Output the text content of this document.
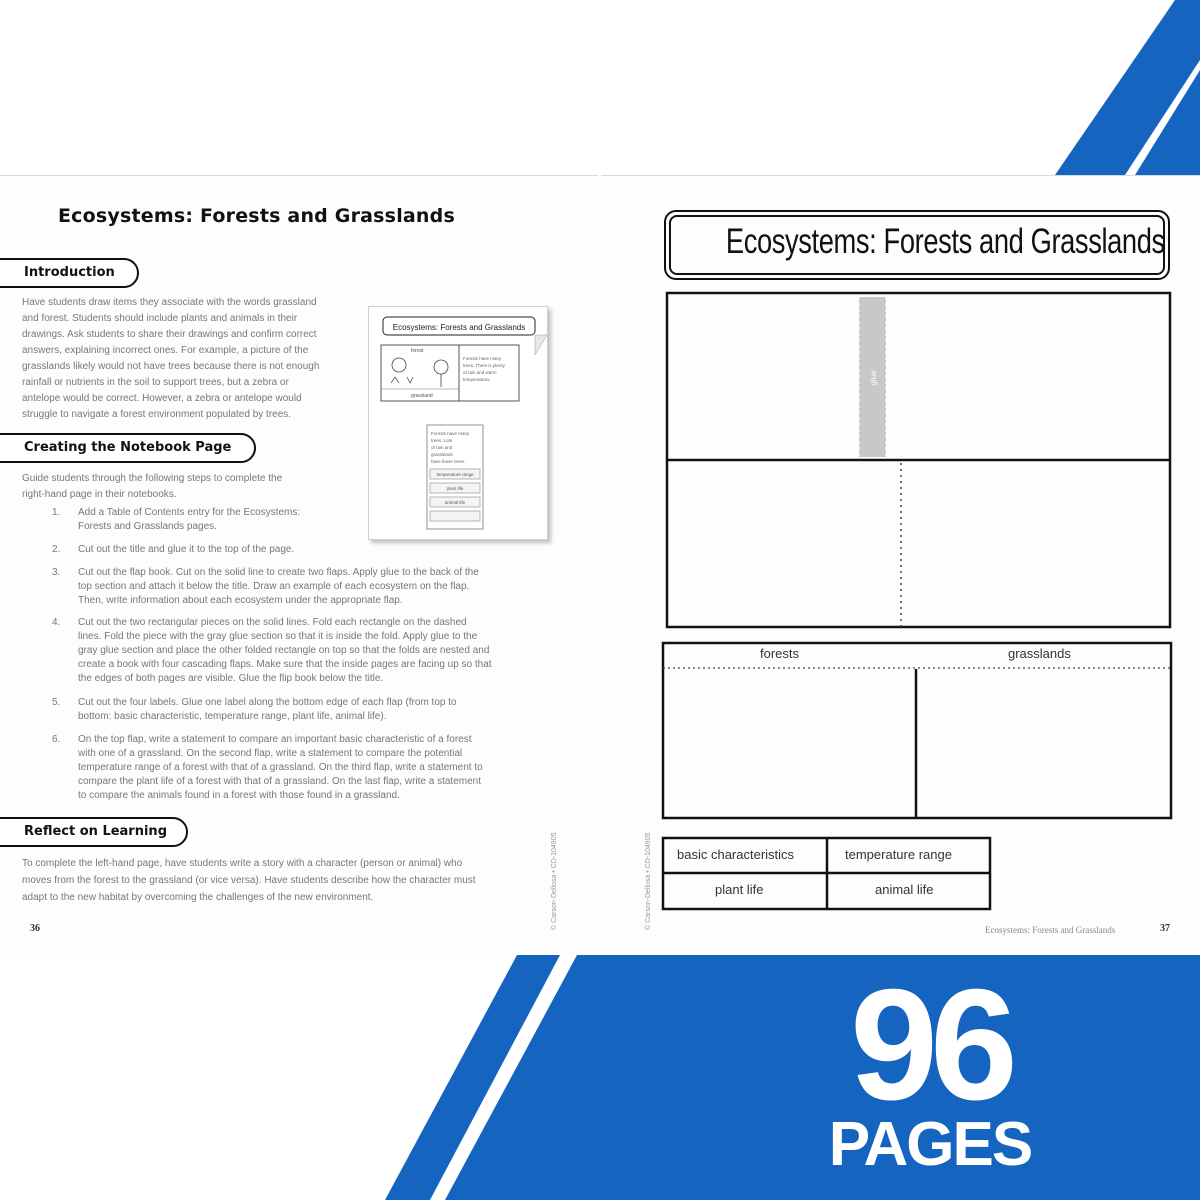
Ecosystems: Forests and Grasslands
Introduction
Have students draw items they associate with the words grassland
and forest. Students should include plants and animals in their
drawings. Ask students to share their drawings and confirm correct
answers, explaining incorrect ones. For example, a picture of the
grasslands likely would not have trees because there is not enough
rainfall or nutrients in the soil to support trees, but a zebra or
antelope would be correct. However, a zebra or antelope would
struggle to navigate a forest environment populated by trees.
Ecosystems: Forests and Grasslands
forest
grassland
Forests have many
trees. There is plenty
of rain and warm
temperatures.
Forests have many
trees. Lots
of rain and
grasslands
have fewer trees.
temperature range
plant life
animal life
Creating the Notebook Page
Guide students through the following steps to complete the
right-hand page in their notebooks.
1. Add a Table of Contents entry for the Ecosystems:
Forests and Grasslands pages.
2. Cut out the title and glue it to the top of the page.
3. Cut out the flap book. Cut on the solid line to create two flaps. Apply glue to the back of the
top section and attach it below the title. Draw an example of each ecosystem on the flap.
Then, write information about each ecosystem under the appropriate flap.
4. Cut out the two rectangular pieces on the solid lines. Fold each rectangle on the dashed
lines. Fold the piece with the gray glue section so that it is inside the fold. Apply glue to the
gray glue section and place the other folded rectangle on top so that the folds are nested and
create a book with four cascading flaps. Make sure that the inside pages are facing up so that
the edges of both pages are visible. Glue the flip book below the title.
5. Cut out the four labels. Glue one label along the bottom edge of each flap (from top to
bottom: basic characteristic, temperature range, plant life, animal life).
6. On the top flap, write a statement to compare an important basic characteristic of a forest
with one of a grassland. On the second flap, write a statement to compare the potential
temperature range of a forest with that of a grassland. On the third flap, write a statement to
compare the plant life of a forest with that of a grassland. On the last flap, write a statement
to compare the animals found in a forest with those found in a grassland.
Reflect on Learning
To complete the left-hand page, have students write a story with a character (person or animal) who
moves from the forest to the grassland (or vice versa). Have students describe how the character must
adapt to the new habitat by overcoming the challenges of the new environment.
36	© Carson-Dellosa • CD-104905
Ecosystems: Forests and Grasslands
glue
forests	grasslands
basic characteristics	temperature range
plant life	animal life
© Carson-Dellosa • CD-104905	Ecosystems: Forests and Grasslands	37
96
PAGES
